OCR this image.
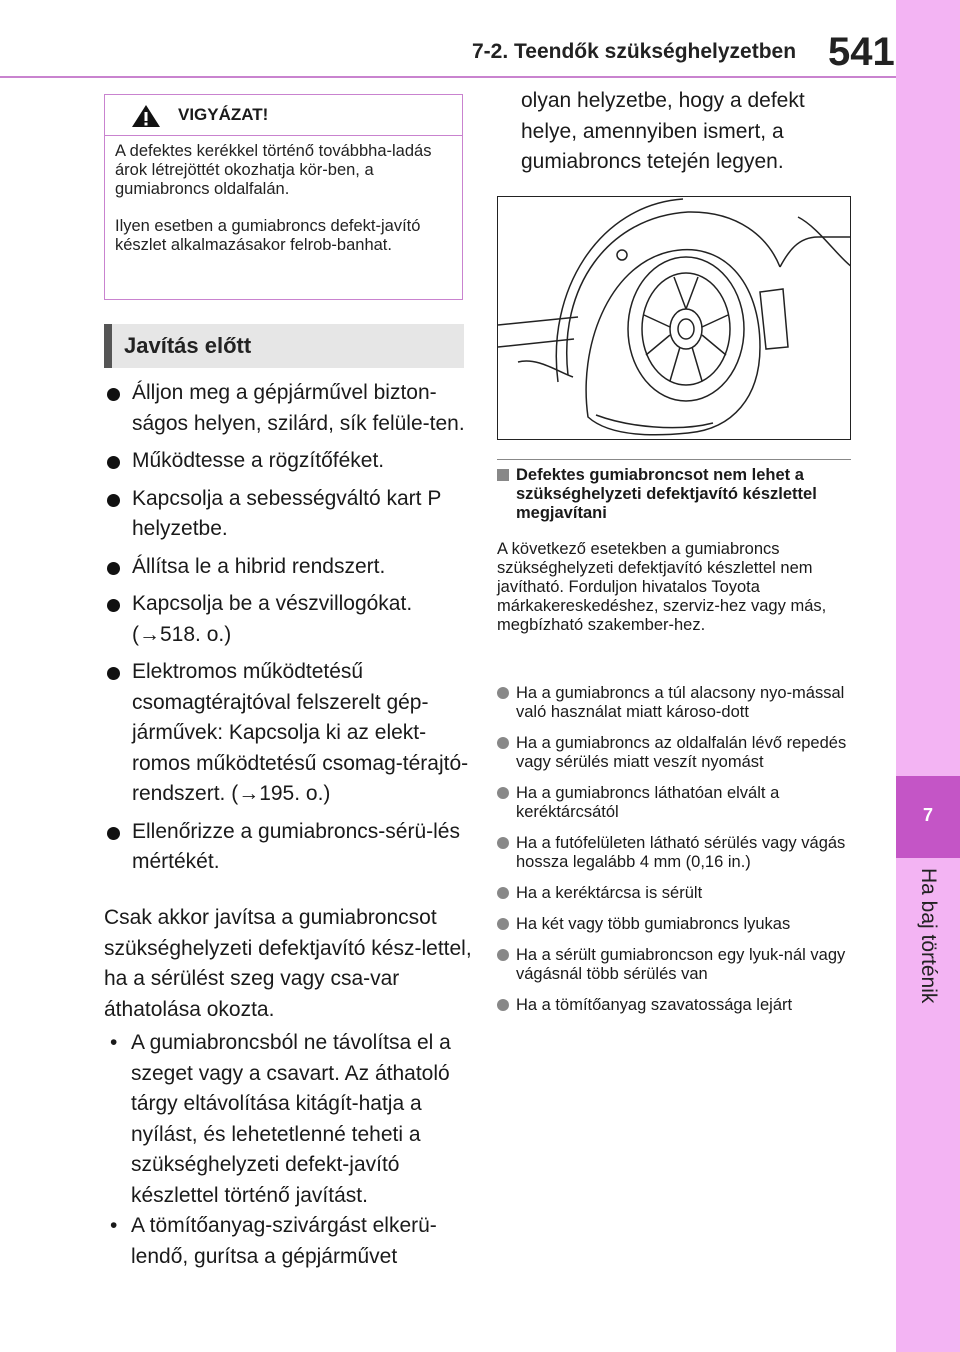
7-2. Teendők szükséghelyzetben 541
7
Ha baj történik
VIGYÁZAT!

A defektes kerékkel történő továbbha-ladás árok létrejöttét okozhatja kör-ben, a gumiabroncs oldalfalán.

Ilyen esetben a gumiabroncs defekt-javító készlet alkalmazásakor felrob-banhat.

Javítás előtt
Álljon meg a gépjárművel bizton-ságos helyen, szilárd, sík felüle-ten.
Működtesse a rögzítőféket.
Kapcsolja a sebességváltó kart P helyzetbe.
Állítsa le a hibrid rendszert.
Kapcsolja be a vészvillogókat. (→518. o.)
Elektromos működtetésű csomagtérajtóval felszerelt gép-járművek: Kapcsolja ki az elekt-romos működtetésű csomag-térajtó-rendszert. (→195. o.)
Ellenőrizze a gumiabroncs-sérü-lés mértékét.

Csak akkor javítsa a gumiabroncsot szükséghelyzeti defektjavító kész-lettel, ha a sérülést szeg vagy csa-var áthatolása okozta.

• A gumiabroncsból ne távolítsa el a szeget vagy a csavart. Az áthatoló tárgy eltávolítása kitágít-hatja a nyílást, és lehetetlenné teheti a szükséghelyzeti defekt-javító készlettel történő javítást.
• A tömítőanyag-szivárgást elkerü-lendő, gurítsa a gépjárművet

olyan helyzetbe, hogy a defekt helye, amennyiben ismert, a gumiabroncs tetején legyen.

Defektes gumiabroncsot nem lehet a szükséghelyzeti defektjavító készlettel megjavítani

A következő esetekben a gumiabroncs szükséghelyzeti defektjavító készlettel nem javítható. Forduljon hivatalos Toyota márkakereskedéshez, szerviz-hez vagy más, megbízható szakember-hez.

Ha a gumiabroncs a túl alacsony nyo-mással való használat miatt károso-dott
Ha a gumiabroncs az oldalfalán lévő repedés vagy sérülés miatt veszít nyomást
Ha a gumiabroncs láthatóan elvált a keréktárcsától
Ha a futófelületen látható sérülés vagy vágás hossza legalább 4 mm (0,16 in.)
Ha a keréktárcsa is sérült
Ha két vagy több gumiabroncs lyukas
Ha a sérült gumiabroncson egy lyuk-nál vagy vágásnál több sérülés van
Ha a tömítőanyag szavatossága lejárt
